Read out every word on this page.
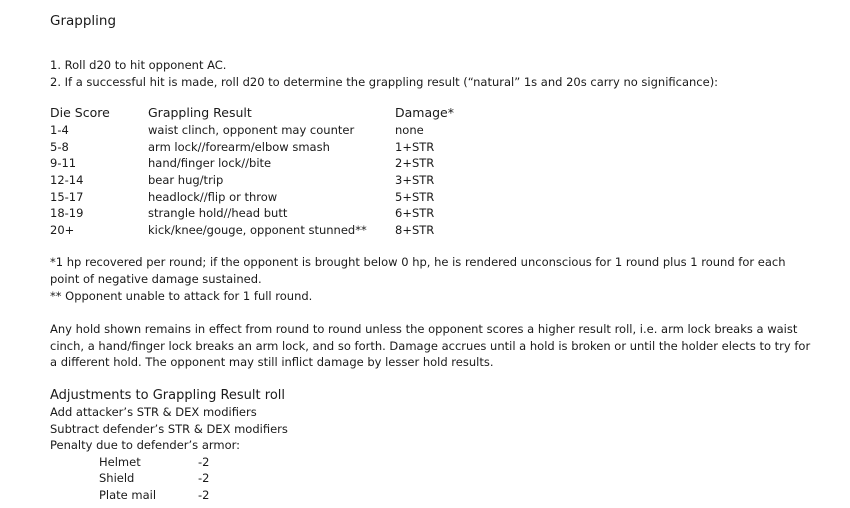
Grappling
1. Roll d20 to hit opponent AC.
2. If a successful hit is made, roll d20 to determine the grappling result (“natural” 1s and 20s carry no significance):
Die Score	Grappling Result	Damage*
1-4	waist clinch, opponent may counter	none
5-8	arm lock//forearm/elbow smash	1+STR
9-11	hand/finger lock//bite	2+STR
12-14	bear hug/trip	3+STR
15-17	headlock//flip or throw	5+STR
18-19	strangle hold//head butt	6+STR
20+	kick/knee/gouge, opponent stunned**	8+STR
*1 hp recovered per round; if the opponent is brought below 0 hp, he is rendered unconscious for 1 round plus 1 round for each point of negative damage sustained.
** Opponent unable to attack for 1 full round.
Any hold shown remains in effect from round to round unless the opponent scores a higher result roll, i.e. arm lock breaks a waist cinch, a hand/finger lock breaks an arm lock, and so forth. Damage accrues until a hold is broken or until the holder elects to try for a different hold. The opponent may still inflict damage by lesser hold results.
Adjustments to Grappling Result roll
Add attacker’s STR & DEX modifiers
Subtract defender’s STR & DEX modifiers
Penalty due to defender’s armor:
Helmet	-2
Shield	-2
Plate mail	-2
